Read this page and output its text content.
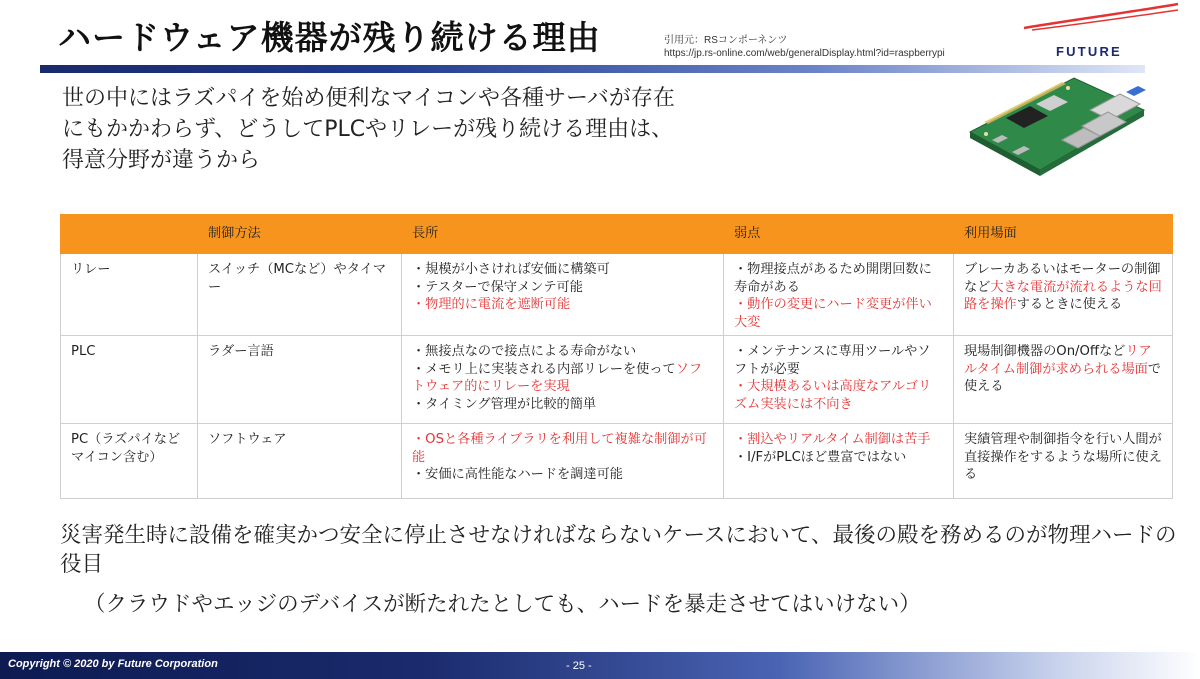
ハードウェア機器が残り続ける理由	引用元：RSコンポーネンツ
https://jp.rs-online.com/web/generalDisplay.html?id=raspberrypi	FUTURE
世の中にはラズパイを始め便利なマイコンや各種サーバが存在
にもかかわらず、どうしてPLCやリレーが残り続ける理由は、
得意分野が違うから
	制御方法	長所	弱点	利用場面
リレー	スイッチ（MCなど）やタイマー	・規模が小さければ安価に構築可
・テスターで保守メンテ可能
・物理的に電流を遮断可能	・物理接点があるため開閉回数に寿命がある
・動作の変更にハード変更が伴い大変	ブレーカあるいはモーターの制御など大きな電流が流れるような回路を操作するときに使える
PLC	ラダー言語	・無接点なので接点による寿命がない
・メモリ上に実装される内部リレーを使ってソフトウェア的にリレーを実現
・タイミング管理が比較的簡単	・メンテナンスに専用ツールやソフトが必要
・大規模あるいは高度なアルゴリズム実装には不向き	現場制御機器のOn/Offなどリアルタイム制御が求められる場面で使える
PC（ラズパイなどマイコン含む）	ソフトウェア	・OSと各種ライブラリを利用して複雑な制御が可能
・安価に高性能なハードを調達可能	・割込やリアルタイム制御は苦手
・I/FがPLCほど豊富ではない	実績管理や制御指令を行い人間が直接操作をするような場所に使える
災害発生時に設備を確実かつ安全に停止させなければならないケースにおいて、最後の殿を務めるのが物理ハードの役目
（クラウドやエッジのデバイスが断たれたとしても、ハードを暴走させてはいけない）
Copyright © 2020 by Future Corporation	- 25 -
